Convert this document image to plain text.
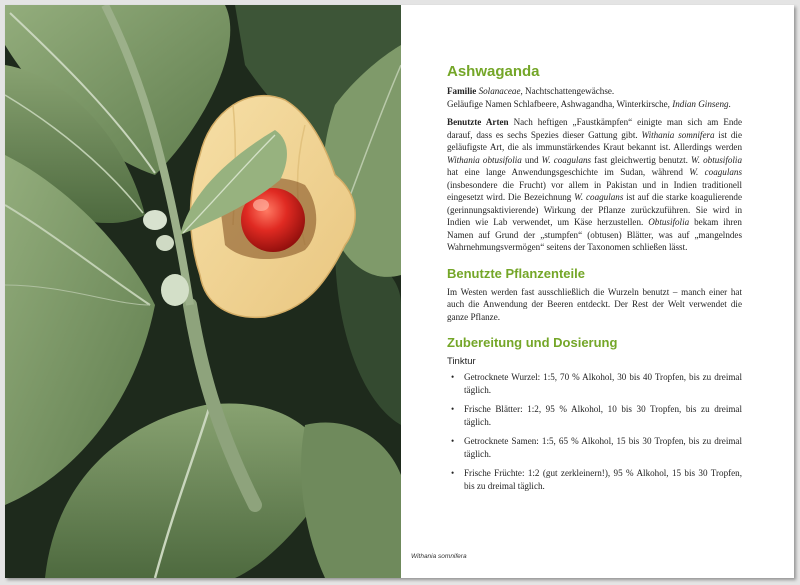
Withania somnifera
Ashwaganda

Familie Solanaceae, Nachtschattengewächse.

Geläufige Namen Schlafbeere, Ashwagandha, Winterkirsche, Indian Ginseng.

Benutzte Arten Nach heftigen „Faustkämpfen“ einigte man sich am Ende darauf, dass es sechs Spezies dieser Gattung gibt. Withania somnifera ist die geläufigste Art, die als immunstärkendes Kraut bekannt ist. Allerdings werden Withania obtusifolia und W. coagulans fast gleichwertig benutzt. W. obtusifolia hat eine lange Anwendungsgeschichte im Sudan, während W. coagulans (insbesondere die Frucht) vor allem in Pakistan und in Indien traditionell eingesetzt wird. Die Bezeichnung W. coagulans ist auf die starke koagulierende (gerinnungsaktivierende) Wirkung der Pflanze zurückzuführen. Sie wird in Indien wie Lab verwendet, um Käse herzustellen. Obtusifolia bekam ihren Namen auf Grund der „stumpfen“ (obtusen) Blätter, was auf „mangelndes Wahrnehmungsvermögen“ seitens der Taxonomen schließen lässt.

Benutzte Pflanzenteile

Im Westen werden fast ausschließlich die Wurzeln benutzt – manch einer hat auch die Anwendung der Beeren entdeckt. Der Rest der Welt verwendet die ganze Pflanze.

Zubereitung und Dosierung
Tinktur
• Getrocknete Wurzel: 1:5, 70 % Alkohol, 30 bis 40 Tropfen, bis zu dreimal täglich.
• Frische Blätter: 1:2, 95 % Alkohol, 10 bis 30 Tropfen, bis zu dreimal täglich.
• Getrocknete Samen: 1:5, 65 % Alkohol, 15 bis 30 Tropfen, bis zu dreimal täglich.
• Frische Früchte: 1:2 (gut zerkleinern!), 95 % Alkohol, 15 bis 30 Tropfen, bis zu dreimal täglich.
